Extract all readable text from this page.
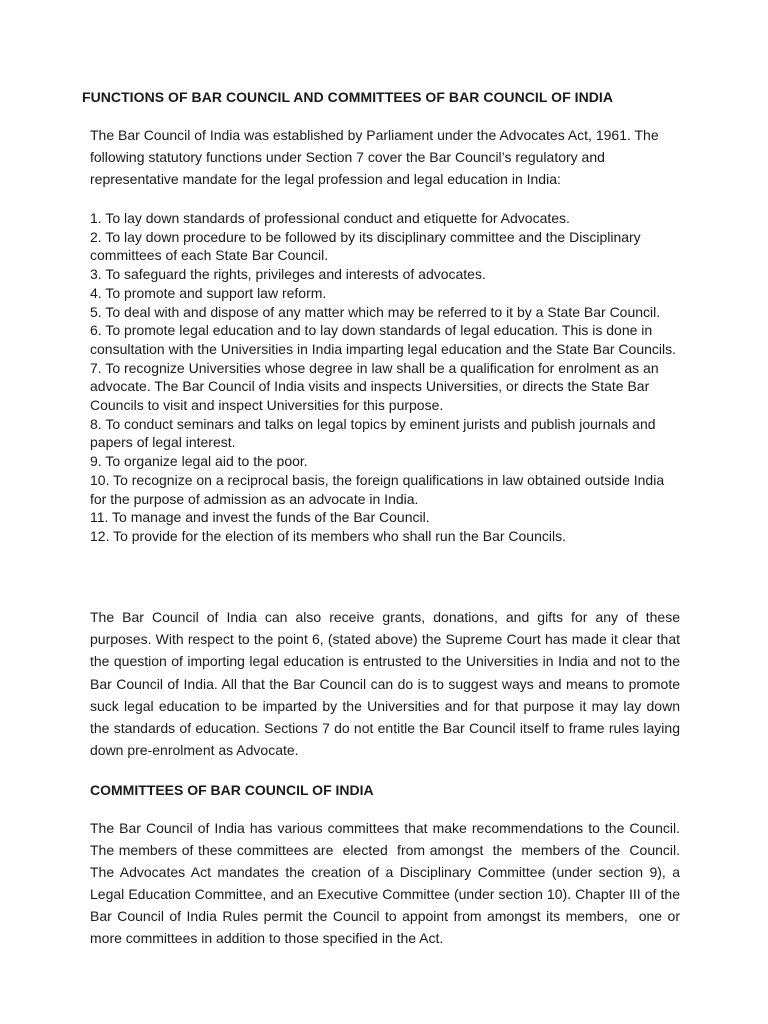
FUNCTIONS OF BAR COUNCIL AND COMMITTEES OF BAR COUNCIL OF INDIA

The Bar Council of India was established by Parliament under the Advocates Act, 1961. The following statutory functions under Section 7 cover the Bar Council’s regulatory and representative mandate for the legal profession and legal education in India:

1. To lay down standards of professional conduct and etiquette for Advocates.

2. To lay down procedure to be followed by its disciplinary committee and the Disciplinary committees of each State Bar Council.

3. To safeguard the rights, privileges and interests of advocates.

4. To promote and support law reform.

5. To deal with and dispose of any matter which may be referred to it by a State Bar Council.

6. To promote legal education and to lay down standards of legal education. This is done in consultation with the Universities in India imparting legal education and the State Bar Councils.

7. To recognize Universities whose degree in law shall be a qualification for enrolment as an advocate. The Bar Council of India visits and inspects Universities, or directs the State Bar Councils to visit and inspect Universities for this purpose.

8. To conduct seminars and talks on legal topics by eminent jurists and publish journals and papers of legal interest.

9. To organize legal aid to the poor.

10. To recognize on a reciprocal basis, the foreign qualifications in law obtained outside India for the purpose of admission as an advocate in India.

11. To manage and invest the funds of the Bar Council.

12. To provide for the election of its members who shall run the Bar Councils.

The Bar Council of India can also receive grants, donations, and gifts for any of these purposes. With respect to the point 6, (stated above) the Supreme Court has made it clear that the question of importing legal education is entrusted to the Universities in India and not to the Bar Council of India. All that the Bar Council can do is to suggest ways and means to promote suck legal education to be imparted by the Universities and for that purpose it may lay down the standards of education. Sections 7 do not entitle the Bar Council itself to frame rules laying down pre-enrolment as Advocate.

COMMITTEES OF BAR COUNCIL OF INDIA

The Bar Council of India has various committees that make recommendations to the Council. The members of these committees are  elected  from amongst  the  members of the  Council. The Advocates Act mandates the creation of a Disciplinary Committee (under section 9), a Legal Education Committee, and an Executive Committee (under section 10). Chapter III of the Bar Council of India Rules permit the Council to appoint from amongst its members,  one or more committees in addition to those specified in the Act.
